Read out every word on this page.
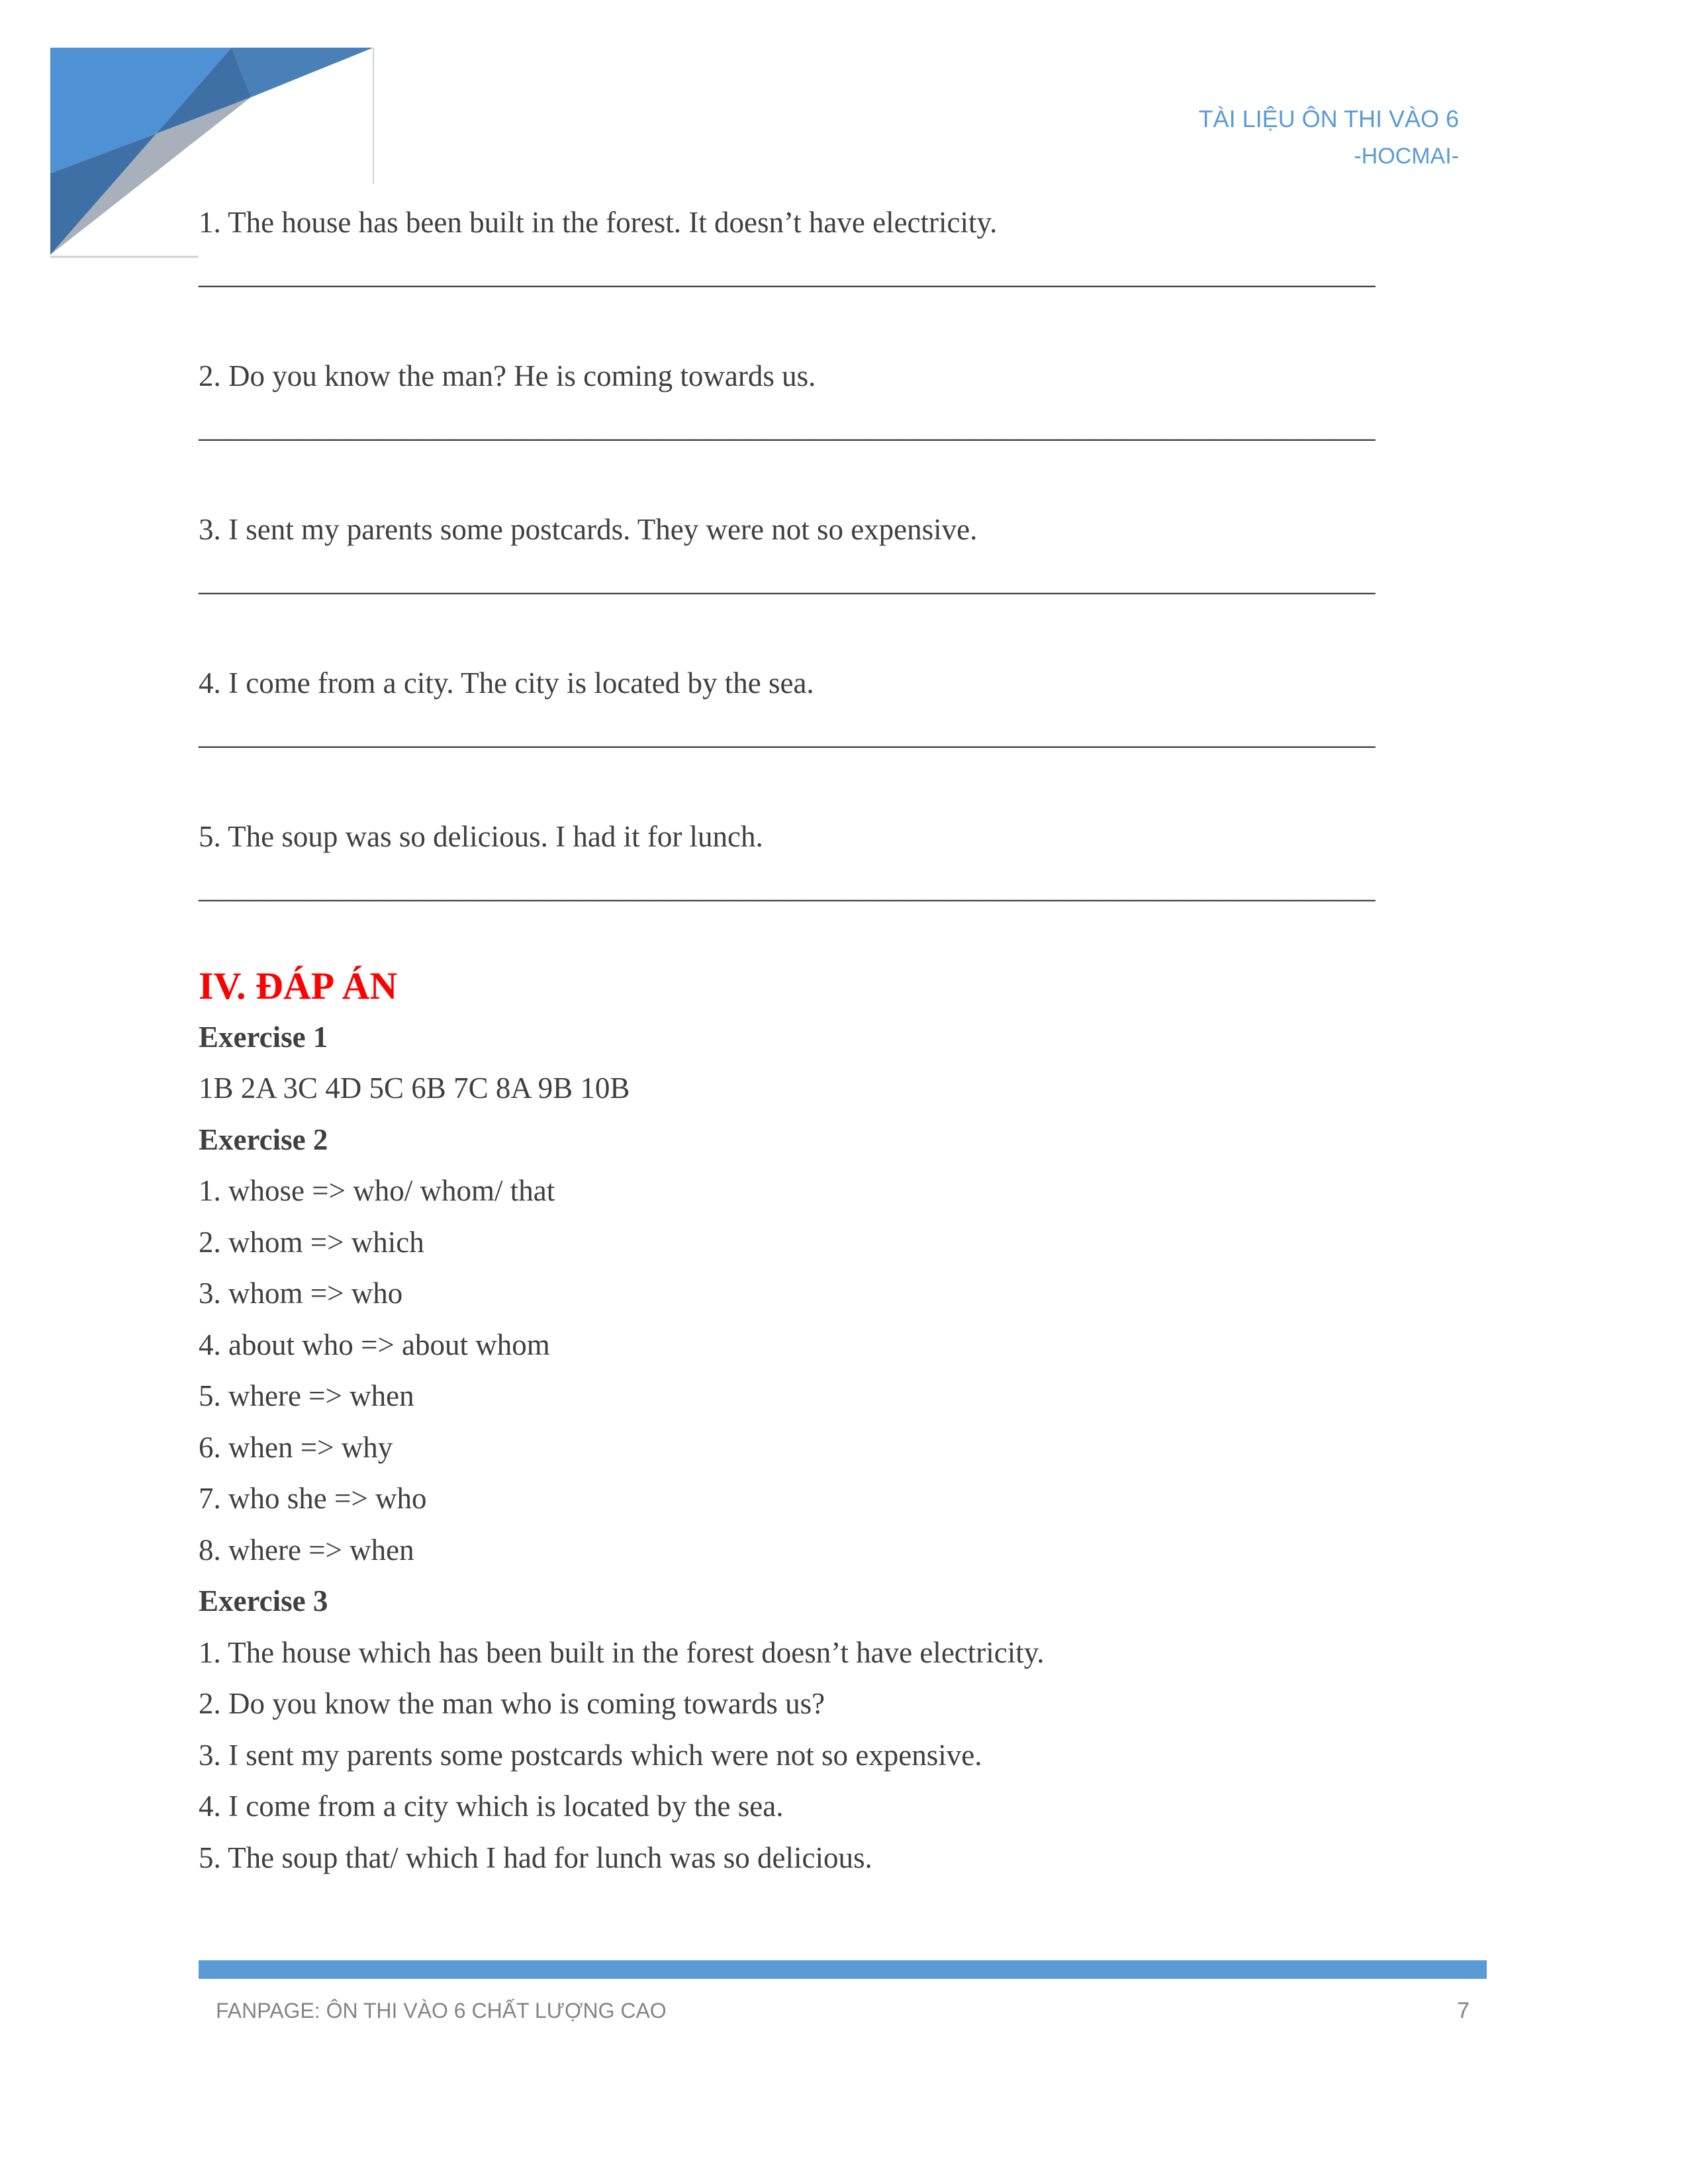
TÀI LIỆU ÔN THI VÀO 6
-HOCMAI-
1. The house has been built in the forest. It doesn’t have electricity.
_______________________________________________________________________________
2. Do you know the man? He is coming towards us.
_______________________________________________________________________________
3. I sent my parents some postcards. They were not so expensive.
_______________________________________________________________________________
4. I come from a city. The city is located by the sea.
_______________________________________________________________________________
5. The soup was so delicious. I had it for lunch.
_______________________________________________________________________________
IV. ĐÁP ÁN
Exercise 1
1B 2A 3C 4D 5C 6B 7C 8A 9B 10B
Exercise 2
1. whose => who/ whom/ that
2. whom => which
3. whom => who
4. about who => about whom
5. where => when
6. when => why
7. who she => who
8. where => when
Exercise 3
1. The house which has been built in the forest doesn’t have electricity.
2. Do you know the man who is coming towards us?
3. I sent my parents some postcards which were not so expensive.
4. I come from a city which is located by the sea.
5. The soup that/ which I had for lunch was so delicious.
FANPAGE: ÔN THI VÀO 6 CHẤT LƯỢNG CAO	7
